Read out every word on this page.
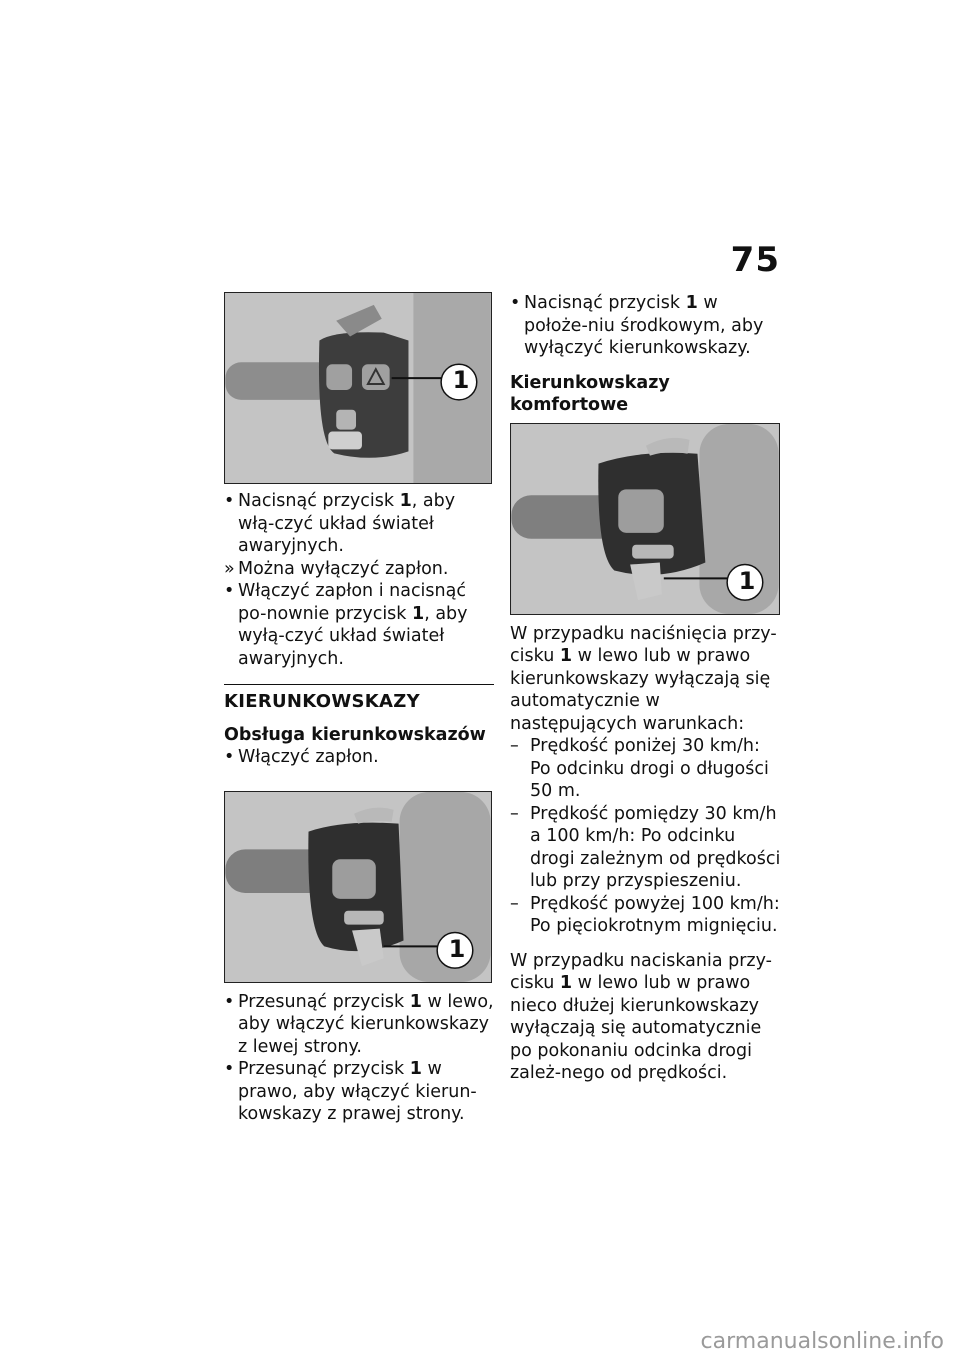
75
1

• Nacisnąć przycisk 1, aby włą-czyć układ świateł awaryjnych.

» Można wyłączyć zapłon.

• Włączyć zapłon i nacisnąć po-nownie przycisk 1, aby wyłą-czyć układ świateł awaryjnych.

KIERUNKOWSKAZY
Obsługa kierunkowskazów

• Włączyć zapłon.

1

• Przesunąć przycisk 1 w lewo, aby włączyć kierunkowskazy z lewej strony.

• Przesunąć przycisk 1 w prawo, aby włączyć kierun-kowskazy z prawej strony.

• Nacisnąć przycisk 1 w położe-niu środkowym, aby wyłączyć kierunkowskazy.

Kierunkowskazy komfortowe
1

W przypadku naciśnięcia przy-cisku 1 w lewo lub w prawo kierunkowskazy wyłączają się automatycznie w następujących warunkach:

– Prędkość poniżej 30 km/h: Po odcinku drogi o długości 50 m.

– Prędkość pomiędzy 30 km/h a 100 km/h: Po odcinku drogi zależnym od prędkości lub przy przyspieszeniu.

– Prędkość powyżej 100 km/h: Po pięciokrotnym mignięciu.

W przypadku naciskania przy-cisku 1 w lewo lub w prawo nieco dłużej kierunkowskazy wyłączają się automatycznie po pokonaniu odcinka drogi zależ-nego od prędkości.

carmanualsonline.info
